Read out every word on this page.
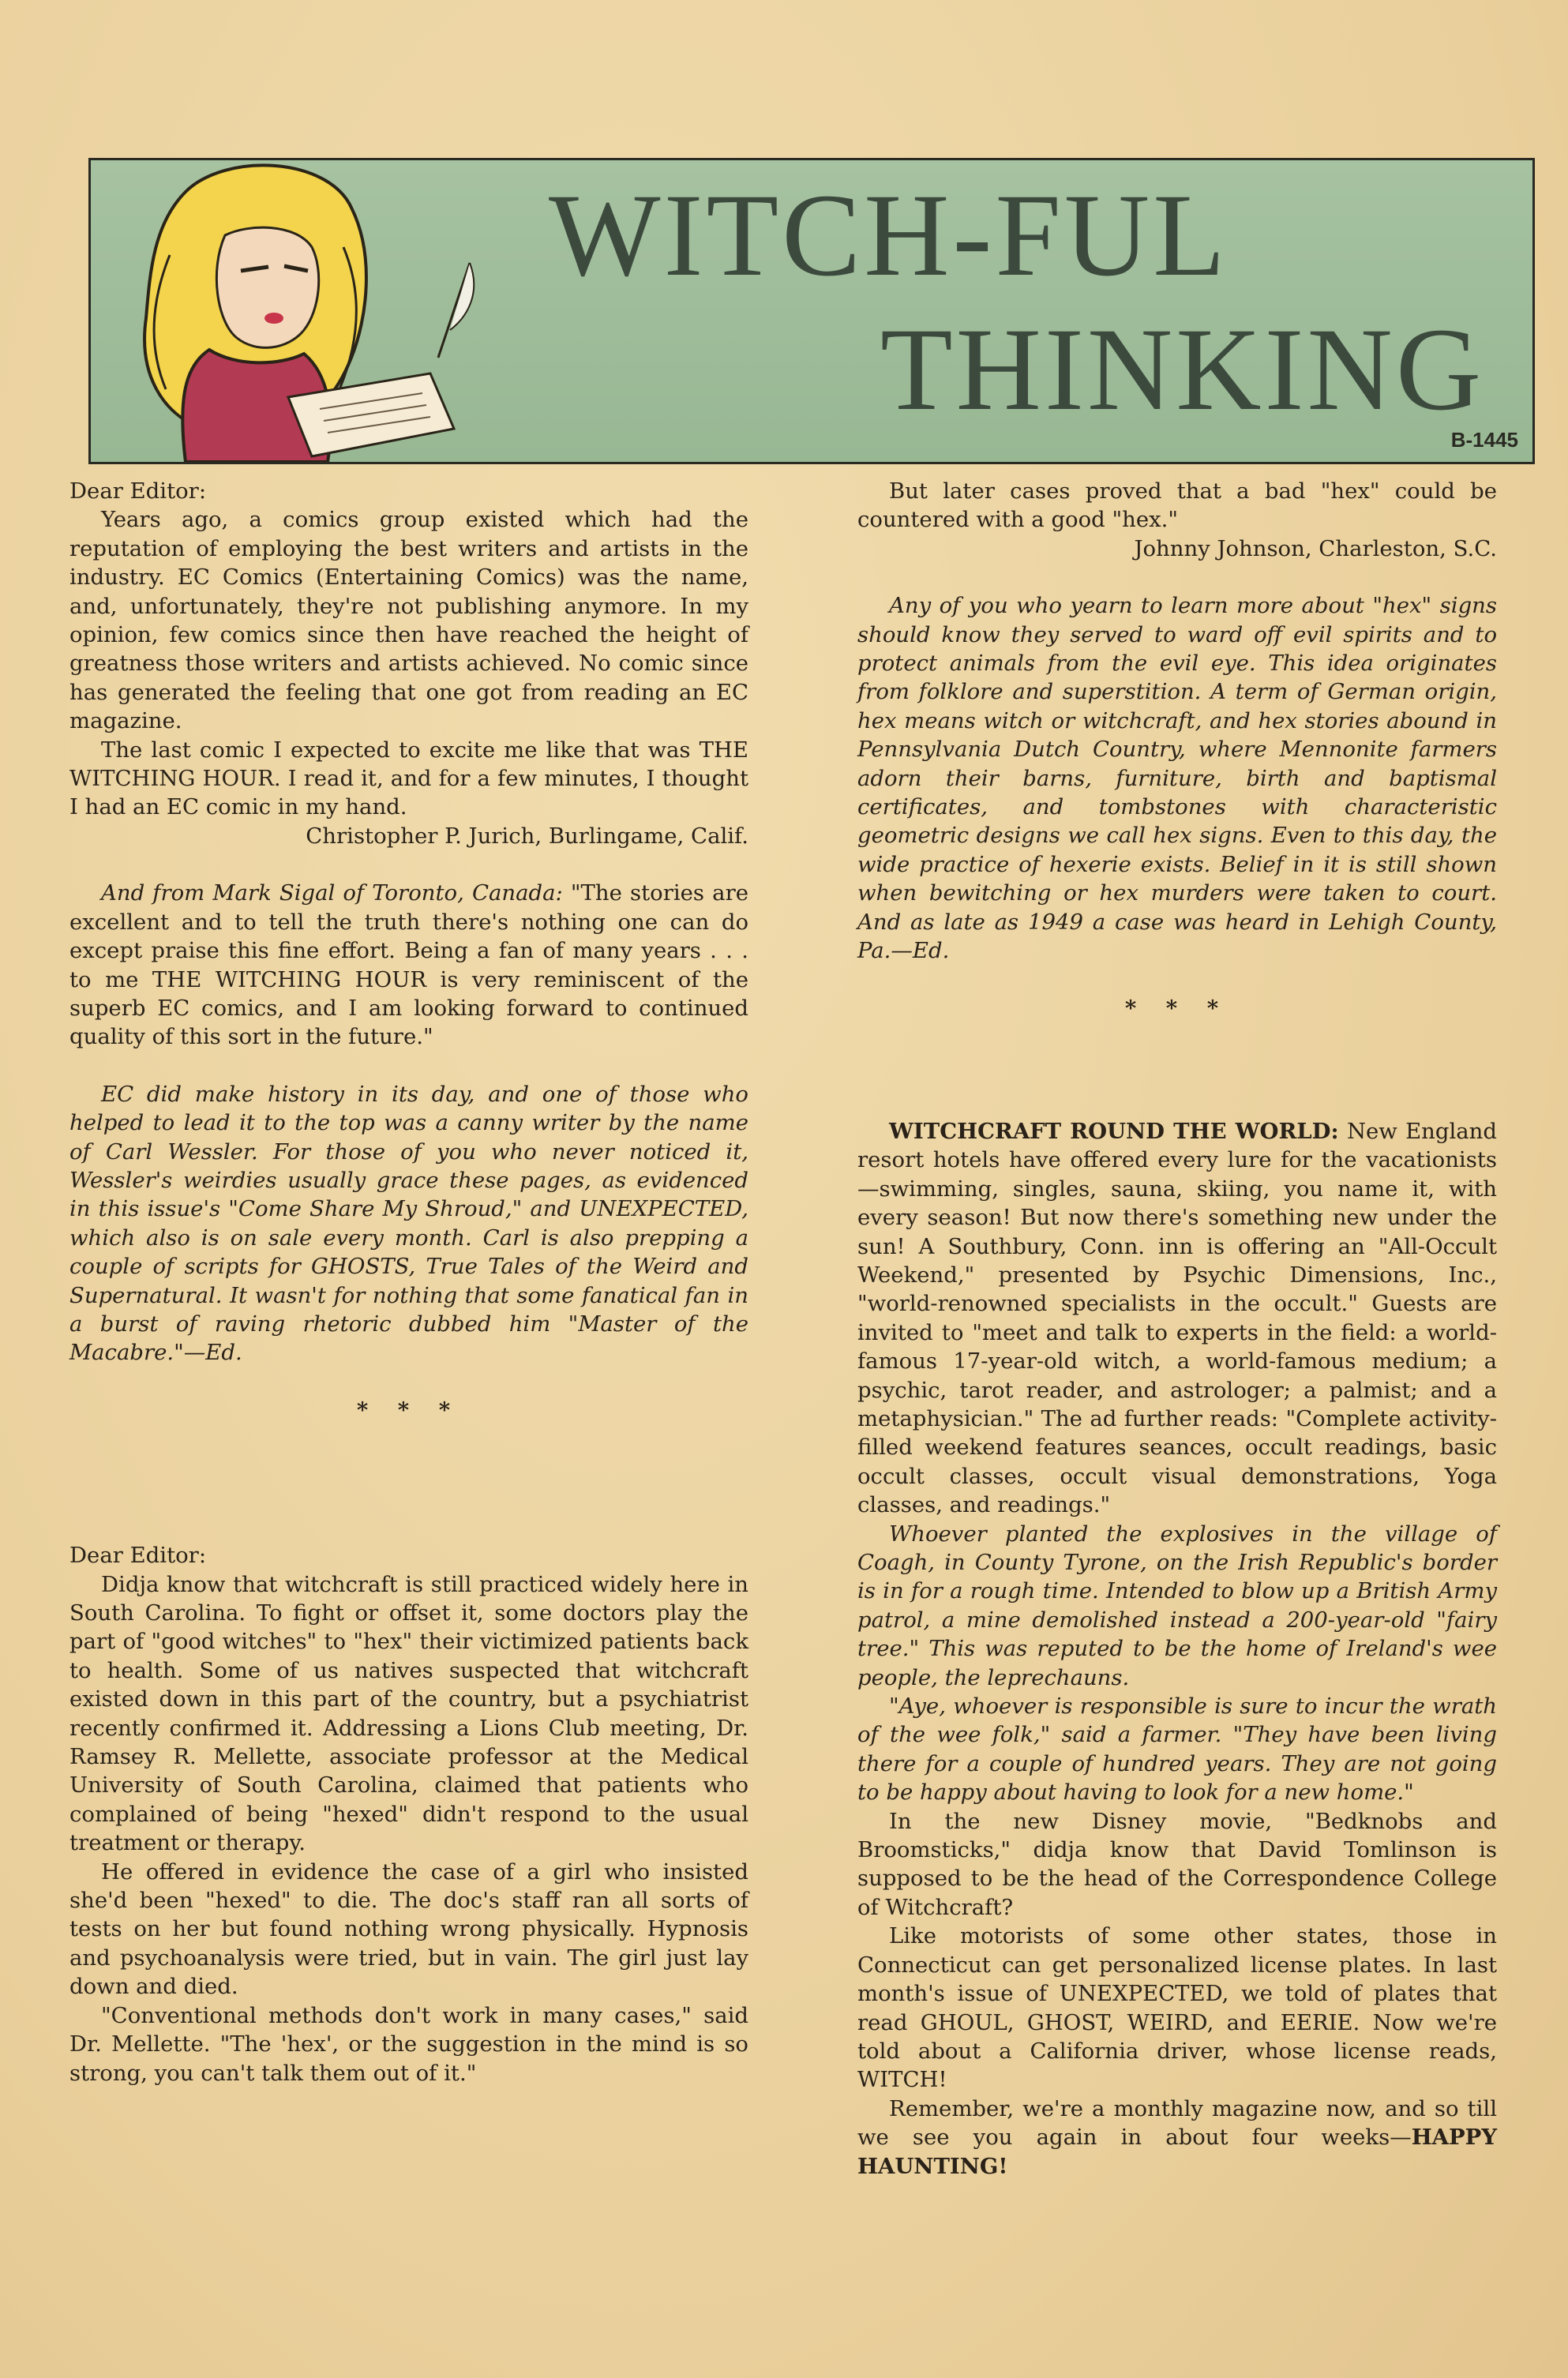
WITCH-FUL
THINKING
B-1445

Dear Editor:

Years ago, a comics group existed which had the reputation of employing the best writers and artists in the industry. EC Comics (Entertaining Comics) was the name, and, unfortunately, they're not publishing anymore. In my opinion, few comics since then have reached the height of greatness those writers and artists achieved. No comic since has generated the feeling that one got from reading an EC magazine.

The last comic I expected to excite me like that was THE WITCHING HOUR. I read it, and for a few minutes, I thought I had an EC comic in my hand.

Christopher P. Jurich, Burlingame, Calif.

And from Mark Sigal of Toronto, Canada: "The stories are excellent and to tell the truth there's nothing one can do except praise this fine effort. Being a fan of many years . . . to me THE WITCHING HOUR is very reminiscent of the superb EC comics, and I am looking forward to continued quality of this sort in the future."

EC did make history in its day, and one of those who helped to lead it to the top was a canny writer by the name of Carl Wessler. For those of you who never noticed it, Wessler's weirdies usually grace these pages, as evidenced in this issue's "Come Share My Shroud," and UNEXPECTED, which also is on sale every month. Carl is also prepping a couple of scripts for GHOSTS, True Tales of the Weird and Supernatural. It wasn't for nothing that some fanatical fan in a burst of raving rhetoric dubbed him "Master of the Macabre."—Ed.

* * *

Dear Editor:

Didja know that witchcraft is still practiced widely here in South Carolina. To fight or offset it, some doctors play the part of "good witches" to "hex" their victimized patients back to health. Some of us natives suspected that witchcraft existed down in this part of the country, but a psychiatrist recently confirmed it. Addressing a Lions Club meeting, Dr. Ramsey R. Mellette, associate professor at the Medical University of South Carolina, claimed that patients who complained of being "hexed" didn't respond to the usual treatment or therapy.

He offered in evidence the case of a girl who insisted she'd been "hexed" to die. The doc's staff ran all sorts of tests on her but found nothing wrong physically. Hypnosis and psychoanalysis were tried, but in vain. The girl just lay down and died.

"Conventional methods don't work in many cases," said Dr. Mellette. "The 'hex', or the suggestion in the mind is so strong, you can't talk them out of it."

But later cases proved that a bad "hex" could be countered with a good "hex."

Johnny Johnson, Charleston, S.C.

Any of you who yearn to learn more about "hex" signs should know they served to ward off evil spirits and to protect animals from the evil eye. This idea originates from folklore and superstition. A term of German origin, hex means witch or witchcraft, and hex stories abound in Pennsylvania Dutch Country, where Mennonite farmers adorn their barns, furniture, birth and baptismal certificates, and tombstones with characteristic geometric designs we call hex signs. Even to this day, the wide practice of hexerie exists. Belief in it is still shown when bewitching or hex murders were taken to court. And as late as 1949 a case was heard in Lehigh County, Pa.—Ed.

* * *

WITCHCRAFT ROUND THE WORLD: New England resort hotels have offered every lure for the vacationists—swimming, singles, sauna, skiing, you name it, with every season! But now there's something new under the sun! A Southbury, Conn. inn is offering an "All-Occult Weekend," presented by Psychic Dimensions, Inc., "world-renowned specialists in the occult." Guests are invited to "meet and talk to experts in the field: a world-famous 17-year-old witch, a world-famous medium; a psychic, tarot reader, and astrologer; a palmist; and a metaphysician." The ad further reads: "Complete activity-filled weekend features seances, occult readings, basic occult classes, occult visual demonstrations, Yoga classes, and readings."

Whoever planted the explosives in the village of Coagh, in County Tyrone, on the Irish Republic's border is in for a rough time. Intended to blow up a British Army patrol, a mine demolished instead a 200-year-old "fairy tree." This was reputed to be the home of Ireland's wee people, the leprechauns.

"Aye, whoever is responsible is sure to incur the wrath of the wee folk," said a farmer. "They have been living there for a couple of hundred years. They are not going to be happy about having to look for a new home."

In the new Disney movie, "Bedknobs and Broomsticks," didja know that David Tomlinson is supposed to be the head of the Correspondence College of Witchcraft?

Like motorists of some other states, those in Connecticut can get personalized license plates. In last month's issue of UNEXPECTED, we told of plates that read GHOUL, GHOST, WEIRD, and EERIE. Now we're told about a California driver, whose license reads, WITCH!

Remember, we're a monthly magazine now, and so till we see you again in about four weeks—HAPPY HAUNTING!
